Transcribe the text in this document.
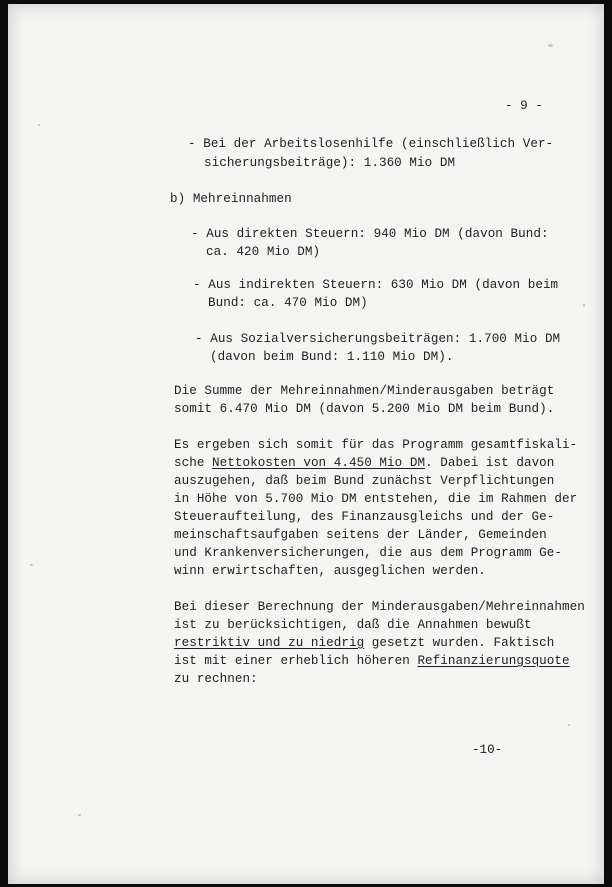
- 9 -
- Bei der Arbeitslosenhilfe (einschließlich Ver-
sicherungsbeiträge): 1.360 Mio DM
b) Mehreinnahmen
- Aus direkten Steuern: 940 Mio DM (davon Bund:
ca. 420 Mio DM)
- Aus indirekten Steuern: 630 Mio DM (davon beim
Bund: ca. 470 Mio DM)
- Aus Sozialversicherungsbeiträgen: 1.700 Mio DM
(davon beim Bund: 1.110 Mio DM).
Die Summe der Mehreinnahmen/Minderausgaben beträgt
somit 6.470 Mio DM (davon 5.200 Mio DM beim Bund).
Es ergeben sich somit für das Programm gesamtfiskali-
sche Nettokosten von 4.450 Mio DM. Dabei ist davon
auszugehen, daß beim Bund zunächst Verpflichtungen
in Höhe von 5.700 Mio DM entstehen, die im Rahmen der
Steueraufteilung, des Finanzausgleichs und der Ge-
meinschaftsaufgaben seitens der Länder, Gemeinden
und Krankenversicherungen, die aus dem Programm Ge-
winn erwirtschaften, ausgeglichen werden.
Bei dieser Berechnung der Minderausgaben/Mehreinnahmen
ist zu berücksichtigen, daß die Annahmen bewußt
restriktiv und zu niedrig gesetzt wurden. Faktisch
ist mit einer erheblich höheren Refinanzierungsquote
zu rechnen:
-10-
